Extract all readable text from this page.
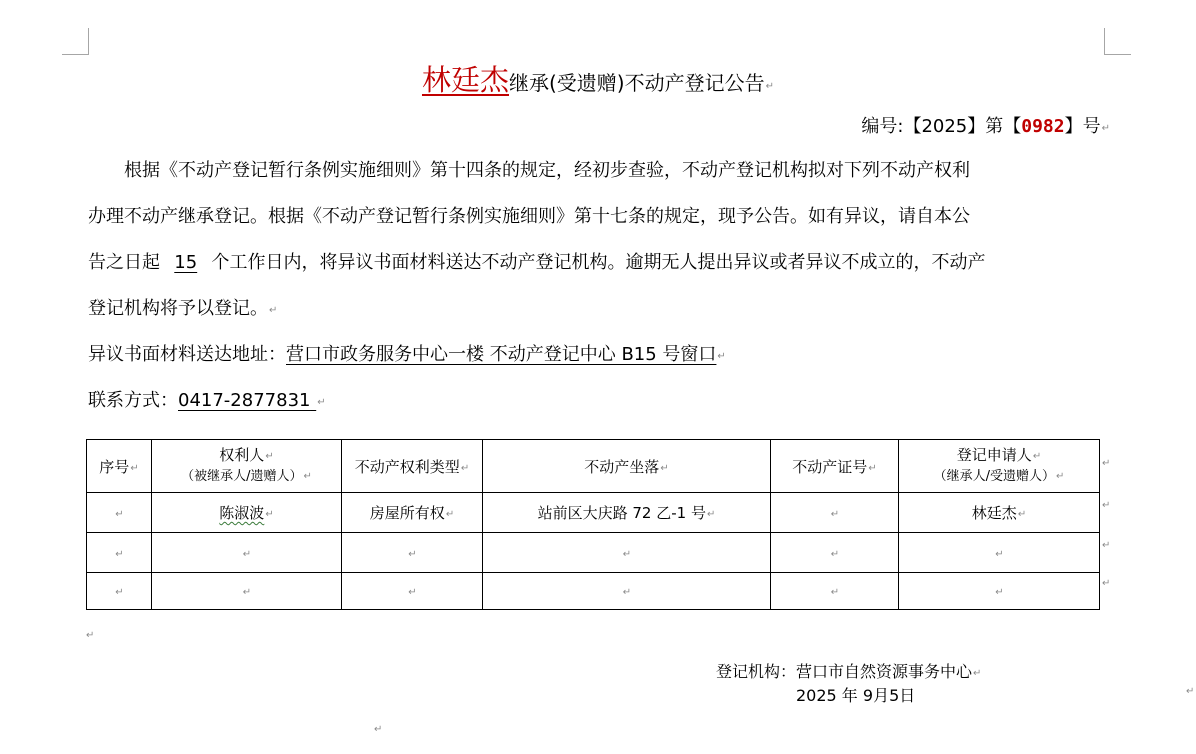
林廷杰继承(受遗赠)不动产登记公告↵
编号:【2025】第【0982】号↵
　　根据《不动产登记暂行条例实施细则》第十四条的规定，经初步查验，不动产登记机构拟对下列不动产权利
办理不动产继承登记。根据《不动产登记暂行条例实施细则》第十七条的规定，现予公告。如有异议，请自本公
告之日起 15 个工作日内，将异议书面材料送达不动产登记机构。逾期无人提出异议或者异议不成立的，不动产
登记机构将予以登记。↵
异议书面材料送达地址：营口市政务服务中心一楼 不动产登记中心 B15 号窗口↵
联系方式：0417-2877831 ↵
序号↵	权利人↵
（被继承人/遗赠人）↵	不动产权利类型↵	不动产坐落↵	不动产证号↵	登记申请人↵
（继承人/受遗赠人）↵

↵	陈淑波↵	房屋所有权↵	站前区大庆路 72 乙-1 号↵	↵	林廷杰↵
↵	↵	↵	↵	↵	↵
↵	↵	↵	↵	↵	↵
↵
↵
↵
↵
↵
登记机构：营口市自然资源事务中心↵
2025 年 9月5日	↵
↵
